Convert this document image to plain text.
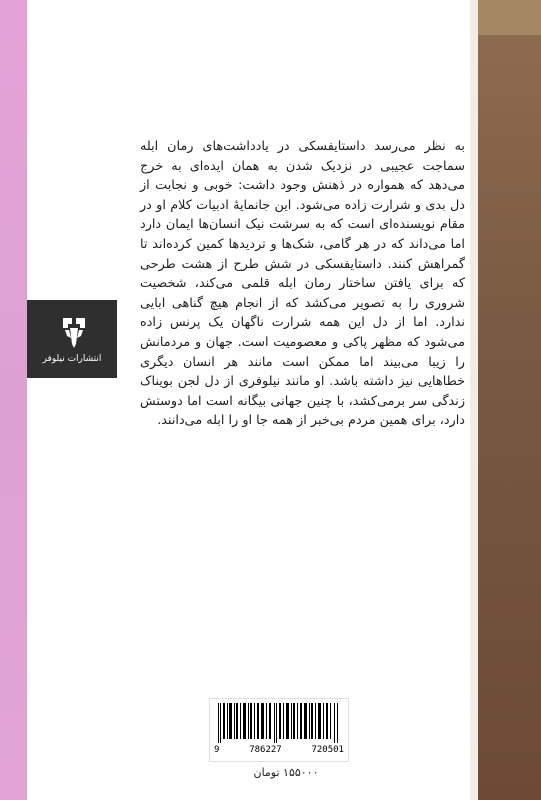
انتشارات نیلوفر

به نظر می‌رسد داستایفسکی در یادداشت‌های رمان ابله سماجت عجیبی در نزدیک شدن به همان ایده‌ای به خرج می‌دهد که همواره در ذهنش وجود داشت: خوبی و نجابت از دل بدی و شرارت زاده می‌شود. این جانمایهٔ ادبیات کلام او در مقام نویسنده‌ای است که به سرشت نیک انسان‌ها ایمان دارد اما می‌داند که در هر گامی، شک‌ها و تردیدها کمین کرده‌اند تا گمراهش کنند. داستایفسکی در شش طرح از هشت طرحی که برای یافتن ساختار رمان ابله قلمی می‌کند، شخصیت شروری را به تصویر می‌کشد که از انجام هیچ گناهی ابایی ندارد. اما از دل این همه شرارت ناگهان یک پرنس زاده می‌شود که مظهر پاکی و معصومیت است. جهان و مردمانش را زیبا می‌بیند اما ممکن است مانند هر انسان دیگری خطاهایی نیز داشته باشد. او مانند نیلوفری از دل لجن بویناک زندگی سر برمی‌کشد، با چنین جهانی بیگانه است اما دوستش دارد، برای همین مردم بی‌خبر از همه جا او را ابله می‌دانند.

9	786227	720501
۱۵۵۰۰۰ تومان
